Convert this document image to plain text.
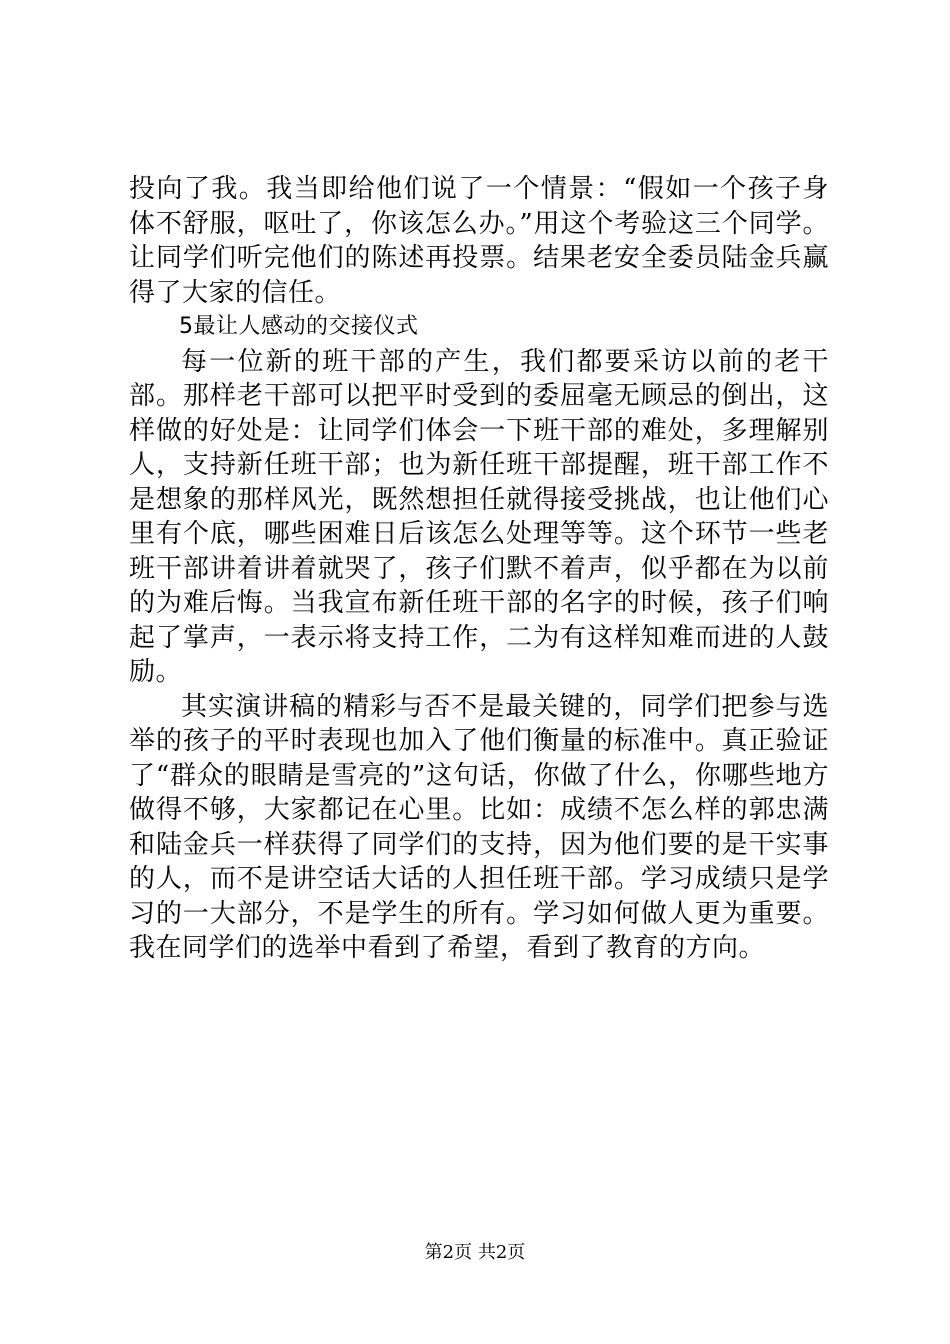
投向了我。我当即给他们说了一个情景：“假如一个孩子身体不舒服，呕吐了，你该怎么办。”用这个考验这三个同学。让同学们听完他们的陈述再投票。结果老安全委员陆金兵赢得了大家的信任。

5最让人感动的交接仪式

每一位新的班干部的产生，我们都要采访以前的老干部。那样老干部可以把平时受到的委屈毫无顾忌的倒出，这样做的好处是：让同学们体会一下班干部的难处，多理解别人，支持新任班干部；也为新任班干部提醒，班干部工作不是想象的那样风光，既然想担任就得接受挑战，也让他们心里有个底，哪些困难日后该怎么处理等等。这个环节一些老班干部讲着讲着就哭了，孩子们默不着声，似乎都在为以前的为难后悔。当我宣布新任班干部的名字的时候，孩子们响起了掌声，一表示将支持工作，二为有这样知难而进的人鼓励。

其实演讲稿的精彩与否不是最关键的，同学们把参与选举的孩子的平时表现也加入了他们衡量的标准中。真正验证了“群众的眼睛是雪亮的”这句话，你做了什么，你哪些地方做得不够，大家都记在心里。比如：成绩不怎么样的郭忠满和陆金兵一样获得了同学们的支持，因为他们要的是干实事的人，而不是讲空话大话的人担任班干部。学习成绩只是学习的一大部分，不是学生的所有。学习如何做人更为重要。我在同学们的选举中看到了希望，看到了教育的方向。

第2页 共2页
